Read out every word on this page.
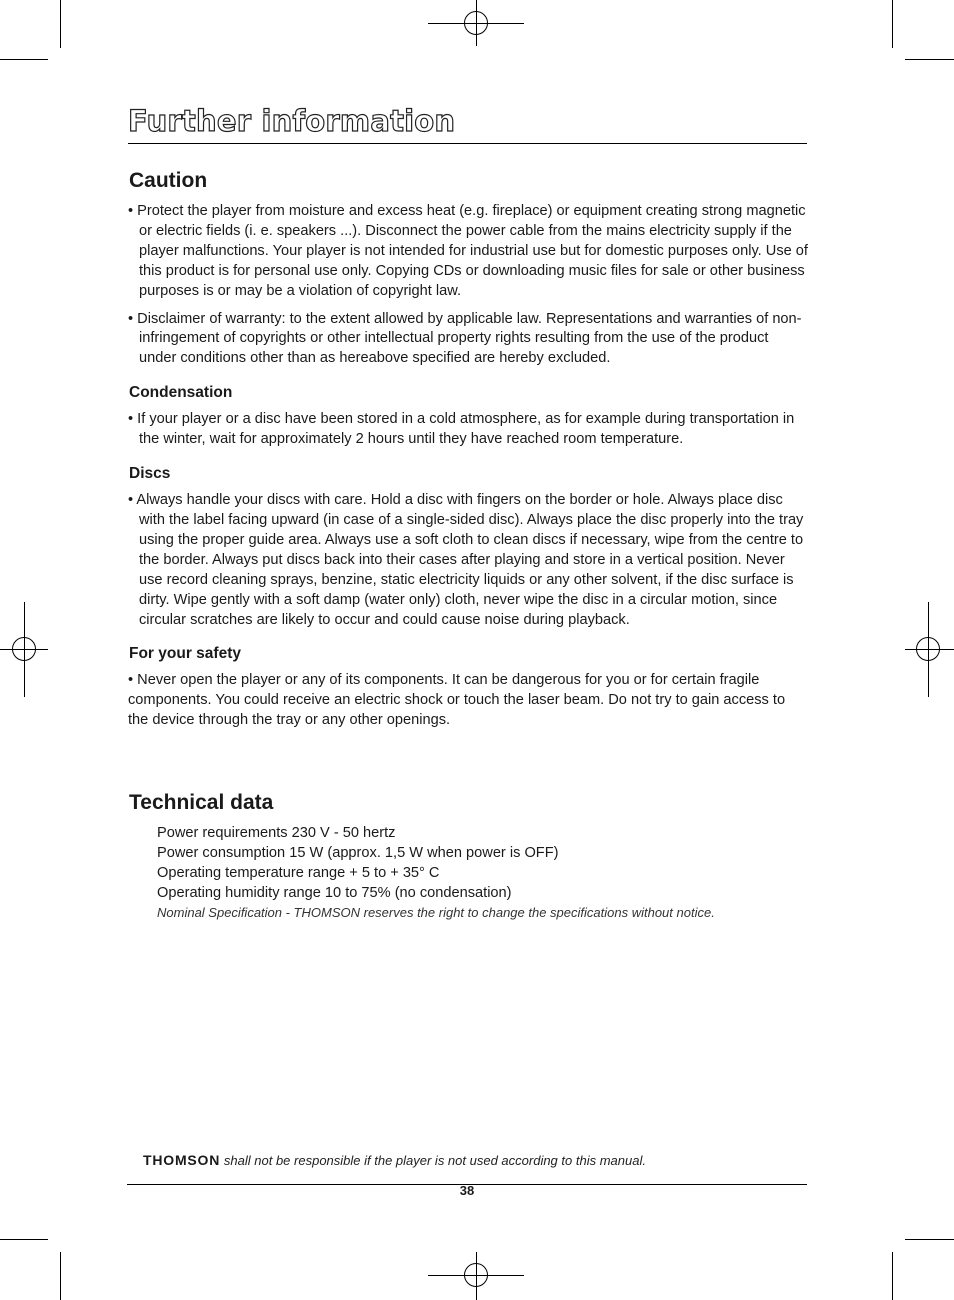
Further information
Caution

• Protect the player from moisture and excess heat (e.g. fireplace) or equipment creating strong magnetic or electric fields (i. e. speakers ...). Disconnect the power cable from the mains electricity supply if the player malfunctions. Your player is not intended for industrial use but for domestic purposes only. Use of this product is for personal use only. Copying CDs or downloading music files for sale or other business purposes is or may be a violation of copyright law.

• Disclaimer of warranty: to the extent allowed by applicable law. Representations and warranties of non-infringement of copyrights or other intellectual property rights resulting from the use of the product under conditions other than as hereabove specified are hereby excluded.

Condensation

• If your player or a disc have been stored in a cold atmosphere, as for example during transportation in the winter, wait for approximately 2 hours until they have reached room temperature.

Discs

• Always handle your discs with care. Hold a disc with fingers on the border or hole. Always place disc with the label facing upward (in case of a single-sided disc). Always place the disc properly into the tray using the proper guide area. Always use a soft cloth to clean discs if necessary, wipe from the centre to the border. Always put discs back into their cases after playing and store in a vertical position. Never use record cleaning sprays, benzine, static electricity liquids or any other solvent, if the disc surface is dirty. Wipe gently with a soft damp (water only) cloth, never wipe the disc in a circular motion, since circular scratches are likely to occur and could cause noise during playback.

For your safety

• Never open the player or any of its components. It can be dangerous for you or for certain fragile components. You could receive an electric shock or touch the laser beam. Do not try to gain access to the device through the tray or any other openings.

Technical data
Power requirements 230 V - 50 hertz
Power consumption 15 W (approx. 1,5 W when power is OFF)
Operating temperature range + 5 to + 35° C
Operating humidity range 10 to 75% (no condensation)
Nominal Specification - THOMSON reserves the right to change the specifications without notice.
THOMSON shall not be responsible if the player is not used according to this manual.
38
